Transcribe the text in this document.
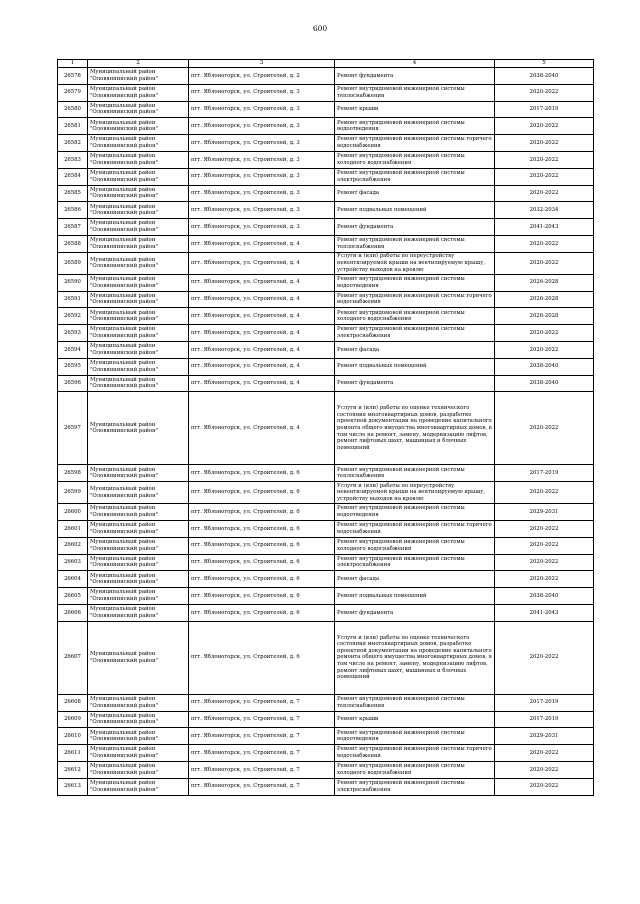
600
1	2	3	4	5
26578	Муниципальный район "Оловяннинский район"	пгт. Яблоногорск, ул. Строителей, д. 2	Ремонт фундамента	2038-2040
26579	Муниципальный район "Оловяннинский район"	пгт. Яблоногорск, ул. Строителей, д. 3	Ремонт внутридомовой инженерной системы теплоснабжения	2020-2022
26580	Муниципальный район "Оловяннинский район"	пгт. Яблоногорск, ул. Строителей, д. 3	Ремонт крыши	2017-2019
26581	Муниципальный район "Оловяннинский район"	пгт. Яблоногорск, ул. Строителей, д. 3	Ремонт внутридомовой инженерной системы водоотведения	2020-2022
26582	Муниципальный район "Оловяннинский район"	пгт. Яблоногорск, ул. Строителей, д. 3	Ремонт внутридомовой инженерной системы горячего водоснабжения	2020-2022
26583	Муниципальный район "Оловяннинский район"	пгт. Яблоногорск, ул. Строителей, д. 3	Ремонт внутридомовой инженерной системы холодного водоснабжения	2020-2022
26584	Муниципальный район "Оловяннинский район"	пгт. Яблоногорск, ул. Строителей, д. 3	Ремонт внутридомовой инженерной системы электроснабжения	2020-2022
26585	Муниципальный район "Оловяннинский район"	пгт. Яблоногорск, ул. Строителей, д. 3	Ремонт фасада	2020-2022
26586	Муниципальный район "Оловяннинский район"	пгт. Яблоногорск, ул. Строителей, д. 3	Ремонт подвальных помещений	2032-2034
26587	Муниципальный район "Оловяннинский район"	пгт. Яблоногорск, ул. Строителей, д. 3	Ремонт фундамента	2041-2043
26588	Муниципальный район "Оловяннинский район"	пгт. Яблоногорск, ул. Строителей, д. 4	Ремонт внутридомовой инженерной системы теплоснабжения	2020-2022
26589	Муниципальный район "Оловяннинский район"	пгт. Яблоногорск, ул. Строителей, д. 4	Услуги и (или) работы по переустройству невентилируемой крыши на вентилируемую крышу, устройству выходов на кровлю	2020-2022
26590	Муниципальный район "Оловяннинский район"	пгт. Яблоногорск, ул. Строителей, д. 4	Ремонт внутридомовой инженерной системы водоотведения	2026-2028
26591	Муниципальный район "Оловяннинский район"	пгт. Яблоногорск, ул. Строителей, д. 4	Ремонт внутридомовой инженерной системы горячего водоснабжения	2026-2028
26592	Муниципальный район "Оловяннинский район"	пгт. Яблоногорск, ул. Строителей, д. 4	Ремонт внутридомовой инженерной системы холодного водоснабжения	2026-2028
26593	Муниципальный район "Оловяннинский район"	пгт. Яблоногорск, ул. Строителей, д. 4	Ремонт внутридомовой инженерной системы электроснабжения	2020-2022
26594	Муниципальный район "Оловяннинский район"	пгт. Яблоногорск, ул. Строителей, д. 4	Ремонт фасада	2020-2022
26595	Муниципальный район "Оловяннинский район"	пгт. Яблоногорск, ул. Строителей, д. 4	Ремонт подвальных помещений	2038-2040
26596	Муниципальный район "Оловяннинский район"	пгт. Яблоногорск, ул. Строителей, д. 4	Ремонт фундамента	2038-2040
26597	Муниципальный район "Оловяннинский район"	пгт. Яблоногорск, ул. Строителей, д. 4	Услуги и (или) работы по оценке технического состояния многоквартирных домов, разработке проектной документации на проведение капитального ремонта общего имущества многоквартирных домов, в том числе на ремонт, замену, модернизацию лифтов, ремонт лифтовых шахт, машинных и блочных помещений	2020-2022
26598	Муниципальный район "Оловяннинский район"	пгт. Яблоногорск, ул. Строителей, д. 6	Ремонт внутридомовой инженерной системы теплоснабжения	2017-2019
26599	Муниципальный район "Оловяннинский район"	пгт. Яблоногорск, ул. Строителей, д. 6	Услуги и (или) работы по переустройству невентилируемой крыши на вентилируемую крышу, устройству выходов на кровлю	2020-2022
26600	Муниципальный район "Оловяннинский район"	пгт. Яблоногорск, ул. Строителей, д. 6	Ремонт внутридомовой инженерной системы водоотведения	2029-2031
26601	Муниципальный район "Оловяннинский район"	пгт. Яблоногорск, ул. Строителей, д. 6	Ремонт внутридомовой инженерной системы горячего водоснабжения	2020-2022
26602	Муниципальный район "Оловяннинский район"	пгт. Яблоногорск, ул. Строителей, д. 6	Ремонт внутридомовой инженерной системы холодного водоснабжения	2020-2022
26603	Муниципальный район "Оловяннинский район"	пгт. Яблоногорск, ул. Строителей, д. 6	Ремонт внутридомовой инженерной системы электроснабжения	2020-2022
26604	Муниципальный район "Оловяннинский район"	пгт. Яблоногорск, ул. Строителей, д. 6	Ремонт фасада	2020-2022
26605	Муниципальный район "Оловяннинский район"	пгт. Яблоногорск, ул. Строителей, д. 6	Ремонт подвальных помещений	2038-2040
26606	Муниципальный район "Оловяннинский район"	пгт. Яблоногорск, ул. Строителей, д. 6	Ремонт фундамента	2041-2043
26607	Муниципальный район "Оловяннинский район"	пгт. Яблоногорск, ул. Строителей, д. 6	Услуги и (или) работы по оценке технического состояния многоквартирных домов, разработке проектной документации на проведение капитального ремонта общего имущества многоквартирных домов, в том числе на ремонт, замену, модернизацию лифтов, ремонт лифтовых шахт, машинных и блочных помещений	2020-2022
26608	Муниципальный район "Оловяннинский район"	пгт. Яблоногорск, ул. Строителей, д. 7	Ремонт внутридомовой инженерной системы теплоснабжения	2017-2019
26609	Муниципальный район "Оловяннинский район"	пгт. Яблоногорск, ул. Строителей, д. 7	Ремонт крыши	2017-2019
26610	Муниципальный район "Оловяннинский район"	пгт. Яблоногорск, ул. Строителей, д. 7	Ремонт внутридомовой инженерной системы водоотведения	2029-2031
26611	Муниципальный район "Оловяннинский район"	пгт. Яблоногорск, ул. Строителей, д. 7	Ремонт внутридомовой инженерной системы горячего водоснабжения	2020-2022
26612	Муниципальный район "Оловяннинский район"	пгт. Яблоногорск, ул. Строителей, д. 7	Ремонт внутридомовой инженерной системы холодного водоснабжения	2020-2022
26613	Муниципальный район "Оловяннинский район"	пгт. Яблоногорск, ул. Строителей, д. 7	Ремонт внутридомовой инженерной системы электроснабжения	2020-2022
